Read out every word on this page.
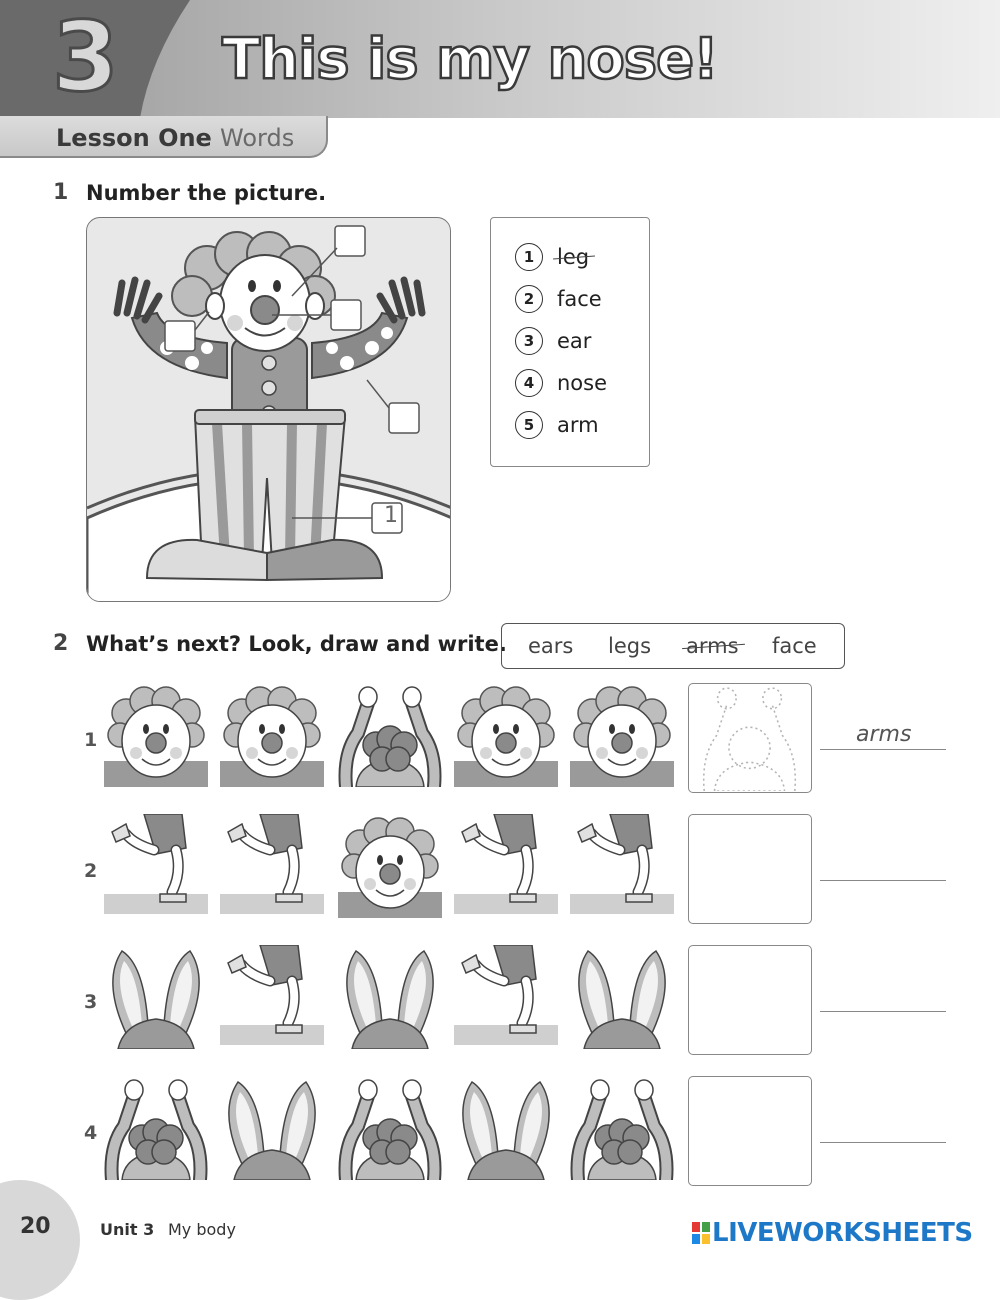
3 This is my nose!
Lesson One Words
1 Number the picture.
1
1	leg
2	face
3	ear
4	nose
5	arm
2 What’s next? Look, draw and write. ears legs arms face
1	arms
2
3
4
20	Unit 3 My body	LIVEWORKSHEETS
